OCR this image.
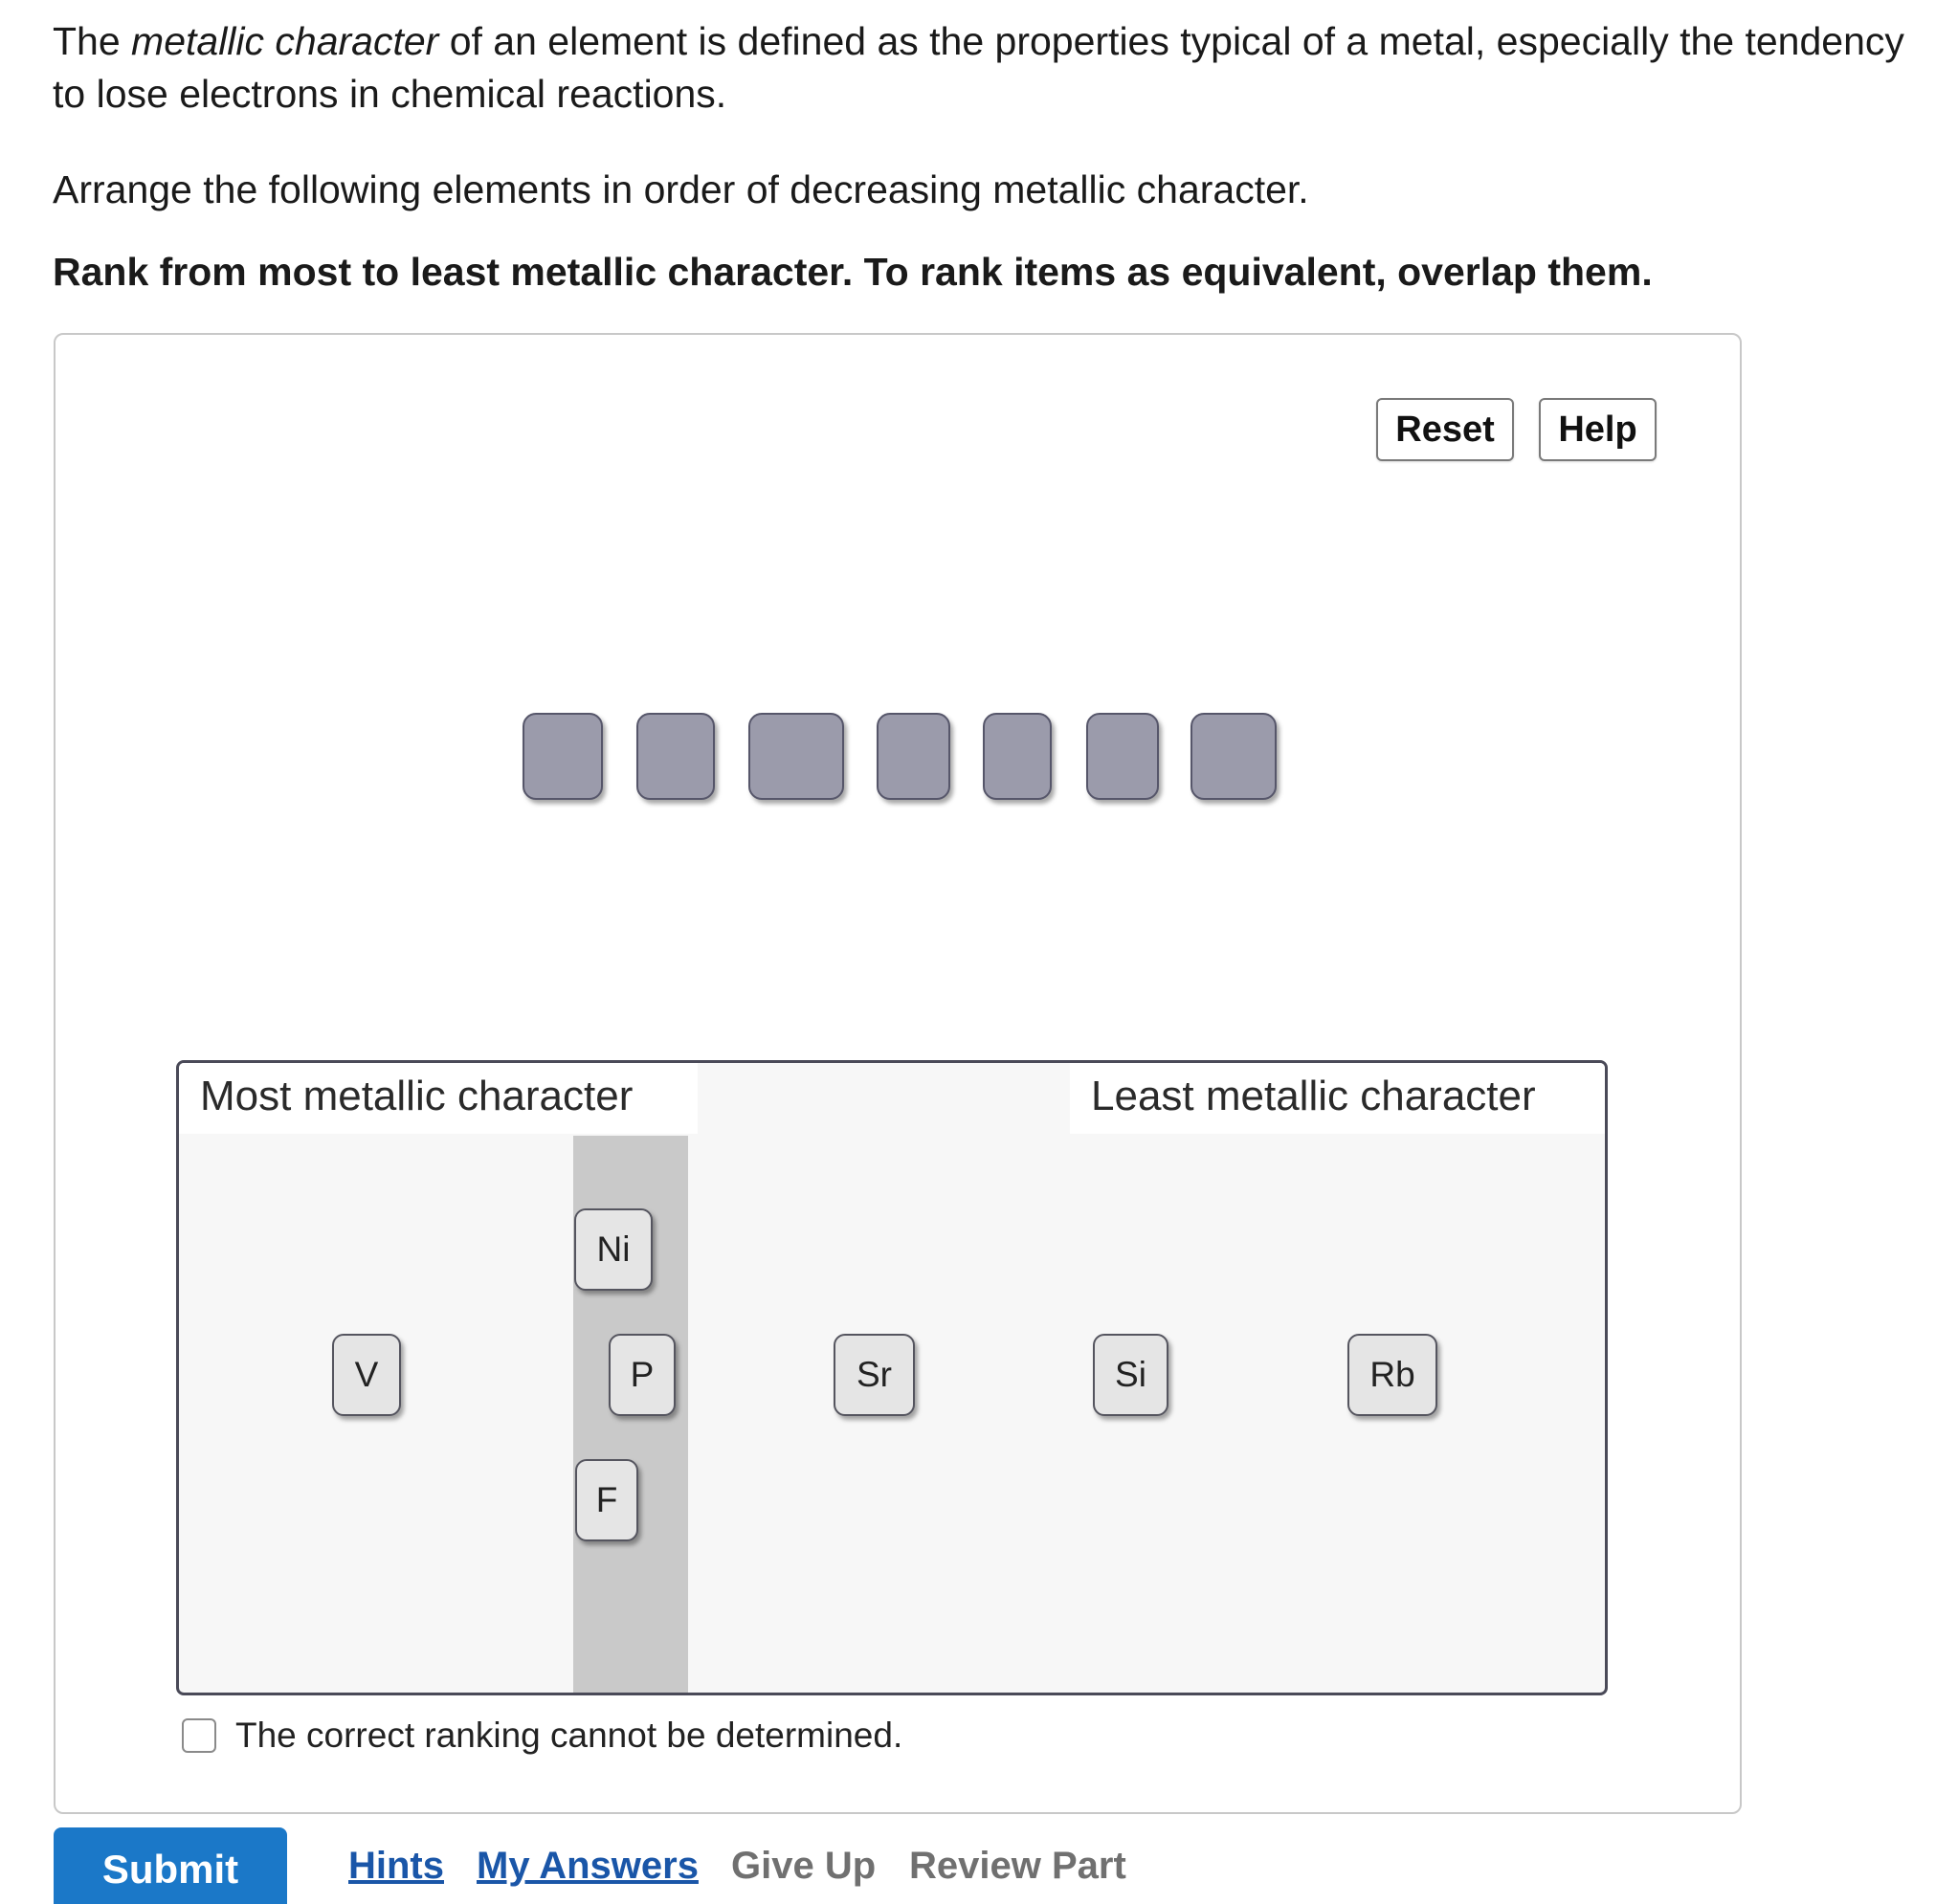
The metallic character of an element is defined as the properties typical of a metal, especially the tendency to lose electrons in chemical reactions.

Arrange the following elements in order of decreasing metallic character.

Rank from most to least metallic character. To rank items as equivalent, overlap them.

Reset	Help
Most metallic character	Least metallic character
Ni
V	P	Sr	Si	Rb
F
The correct ranking cannot be determined.
Submit	Hints My Answers Give Up Review Part
